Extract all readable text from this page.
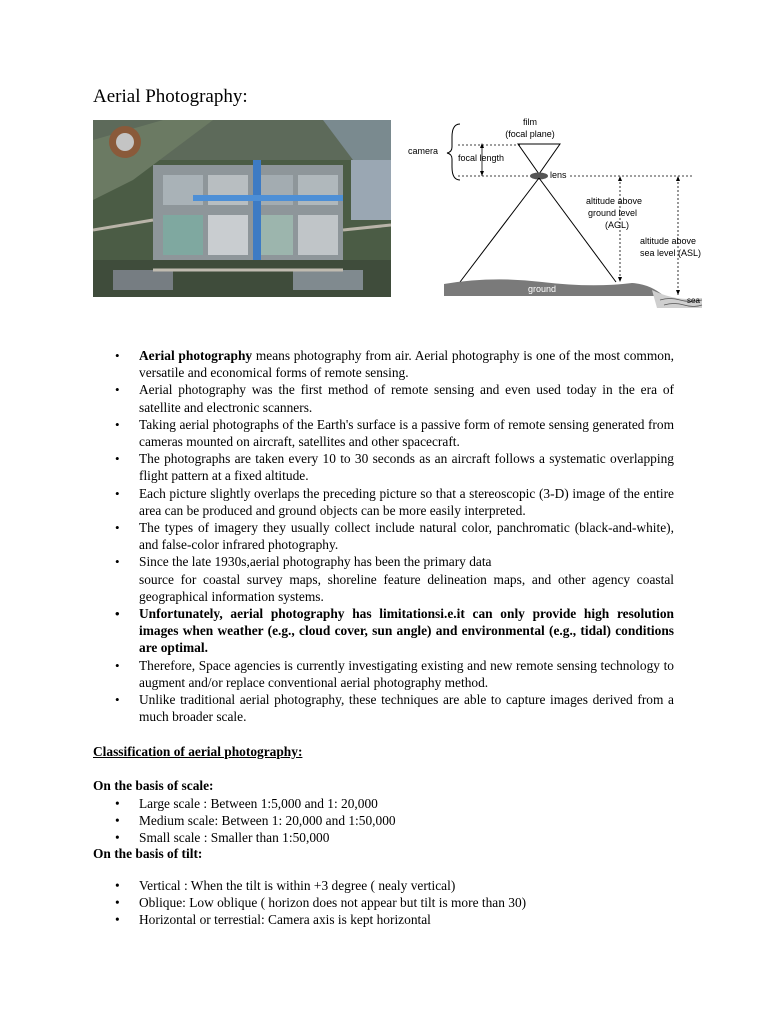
Aerial Photography:
film
(focal plane)
camera
focal length
lens
altitude above
ground level
(AGL)
altitude above
sea level (ASL)
ground
sea
• Aerial photography means photography from air. Aerial photography is one of the most common, versatile and economical forms of remote sensing.
• Aerial photography was the first method of remote sensing and even used today in the era of satellite and electronic scanners.
• Taking aerial photographs of the Earth's surface is a passive form of remote sensing generated from cameras mounted on aircraft, satellites and other spacecraft.
• The photographs are taken every 10 to 30 seconds as an aircraft follows a systematic overlapping flight pattern at a fixed altitude.
• Each picture slightly overlaps the preceding picture so that a stereoscopic (3-D) image of the entire area can be produced and ground objects can be more easily interpreted.
• The types of imagery they usually collect include natural color, panchromatic (black-and-white), and false-color infrared photography.
• Since the late 1930s,aerial photography has been the primary data
source for coastal survey maps, shoreline feature delineation maps, and other agency coastal geographical information systems.
• Unfortunately, aerial photography has limitationsi.e.it can only provide high resolution images when weather (e.g., cloud cover, sun angle) and environmental (e.g., tidal) conditions are optimal.
• Therefore, Space agencies is currently investigating existing and new remote sensing technology to augment and/or replace conventional aerial photography method.
• Unlike traditional aerial photography, these techniques are able to capture images derived from a much broader scale.

Classification of aerial photography:

On the basis of scale:

• Large scale : Between 1:5,000 and 1: 20,000
• Medium scale: Between 1: 20,000 and 1:50,000
• Small scale : Smaller than 1:50,000

On the basis of tilt:

• Vertical : When the tilt is within +3 degree ( nealy vertical)
• Oblique: Low oblique ( horizon does not appear but tilt is more than 30)
• Horizontal or terrestial: Camera axis is kept horizontal
